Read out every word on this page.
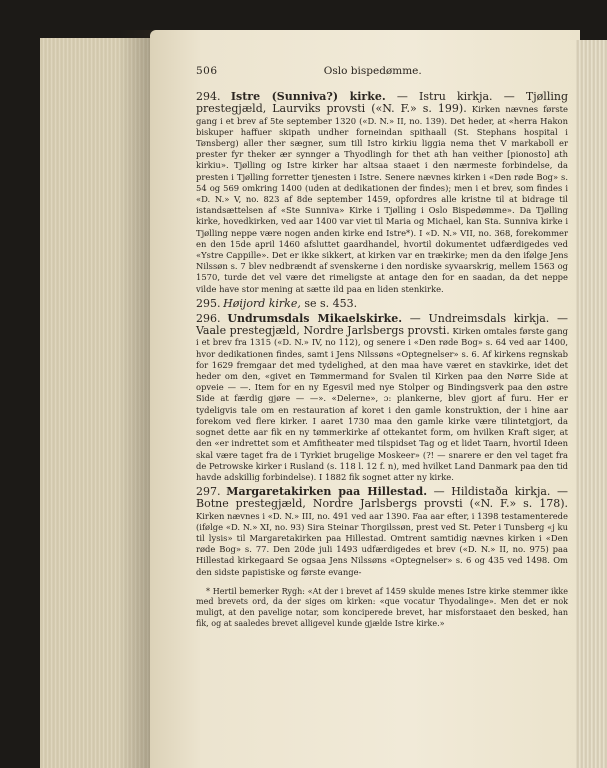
506	Oslo bispedømme.

294. Istre (Sunniva?) kirke. — Istru kirkja. — Tjølling prestegjæld, Laurviks provsti («N. F.» s. 199). Kirken nævnes første gang i et brev af 5te september 1320 («D. N.» II, no. 139). Det heder, at «herra Hakon biskuper haffuer skipath undher forneindan spithaall (St. Stephans hospital i Tønsberg) aller ther sægner, sum till Istro kirkiu liggia nema thet V markaboll er prester fyr theker ær synnger a Thyodlingh for thet ath han veither [pionosto] ath kirkiu». Tjølling og Istre kirker har altsaa staaet i den nærmeste forbindelse, da presten i Tjølling forretter tjenesten i Istre. Senere nævnes kirken i «Den røde Bog» s. 54 og 569 omkring 1400 (uden at dedikationen der findes); men i et brev, som findes i «D. N.» V, no. 823 af 8de september 1459, opfordres alle kristne til at bidrage til istandsættelsen af «Ste Sunniva» Kirke i Tjølling i Oslo Bispedømme». Da Tjølling kirke, hovedkirken, ved aar 1400 var viet til Maria og Michael, kan Sta. Sunniva kirke i Tjølling neppe være nogen anden kirke end Istre*). I «D. N.» VII, no. 368, forekommer en den 15de april 1460 afsluttet gaardhandel, hvortil dokumentet udfærdigedes ved «Ystre Cappille». Det er ikke sikkert, at kirken var en trækirke; men da den ifølge Jens Nilssøn s. 7 blev nedbrændt af svenskerne i den nordiske syvaarskrig, mellem 1563 og 1570, turde det vel være det rimeligste at antage den for en saadan, da det neppe vilde have stor mening at sætte ild paa en liden stenkirke.

295. Høijord kirke, se s. 453.

296. Undrumsdals Mikaelskirke. — Undreimsdals kirkja. — Vaale prestegjæld, Nordre Jarlsbergs provsti. Kirken omtales første gang i et brev fra 1315 («D. N.» IV, no 112), og senere i «Den røde Bog» s. 64 ved aar 1400, hvor dedikationen findes, samt i Jens Nilssøns «Optegnelser» s. 6. Af kirkens regnskab for 1629 fremgaar det med tydelighed, at den maa have været en stavkirke, idet det heder om den, «givet en Tømmermand for Svalen til Kirken paa den Nørre Side at opveie — —. Item for en ny Egesvil med nye Stolper og Bindingsverk paa den østre Side at færdig gjøre — —». «Delerne», ɔ: plankerne, blev gjort af furu. Her er tydeligvis tale om en restauration af koret i den gamle konstruktion, der i hine aar forekom ved flere kirker. I aaret 1730 maa den gamle kirke være tilintetgjort, da sognet dette aar fik en ny tømmerkirke af ottekantet form, om hvilken Kraft siger, at den «er indrettet som et Amfitheater med tilspidset Tag og et lidet Taarn, hvortil Ideen skal være taget fra de i Tyrkiet brugelige Moskeer» (?! — snarere er den vel taget fra de Petrowske kirker i Rusland (s. 118 l. 12 f. n), med hvilket Land Danmark paa den tid havde adskillig forbindelse). I 1882 fik sognet atter ny kirke.

297. Margaretakirken paa Hillestad. — Hildistaða kirkja. — Botne prestegjæld, Nordre Jarlsbergs provsti («N. F.» s. 178). Kirken nævnes i «D. N.» III, no. 491 ved aar 1390. Faa aar efter, i 1398 testamenterede (ifølge «D. N.» XI, no. 93) Sira Steinar Thorgilssøn, prest ved St. Peter i Tunsberg «j ku til lysis» til Margaretakirken paa Hillestad. Omtrent samtidig nævnes kirken i «Den røde Bog» s. 77. Den 20de juli 1493 udfærdigedes et brev («D. N.» II, no. 975) paa Hillestad kirkegaard Se ogsaa Jens Nilssøns «Optegnelser» s. 6 og 435 ved 1498. Om den sidste papistiske og første evange-

* Hertil bemerker Rygh: «At der i brevet af 1459 skulde menes Istre kirke stemmer ikke med brevets ord, da der siges om kirken: «que vocatur Thyodalinge». Men det er nok muligt, at den pavelige notar, som konciperede brevet, har misforstaaet den besked, han fik, og at saaledes brevet alligevel kunde gjælde Istre kirke.»
